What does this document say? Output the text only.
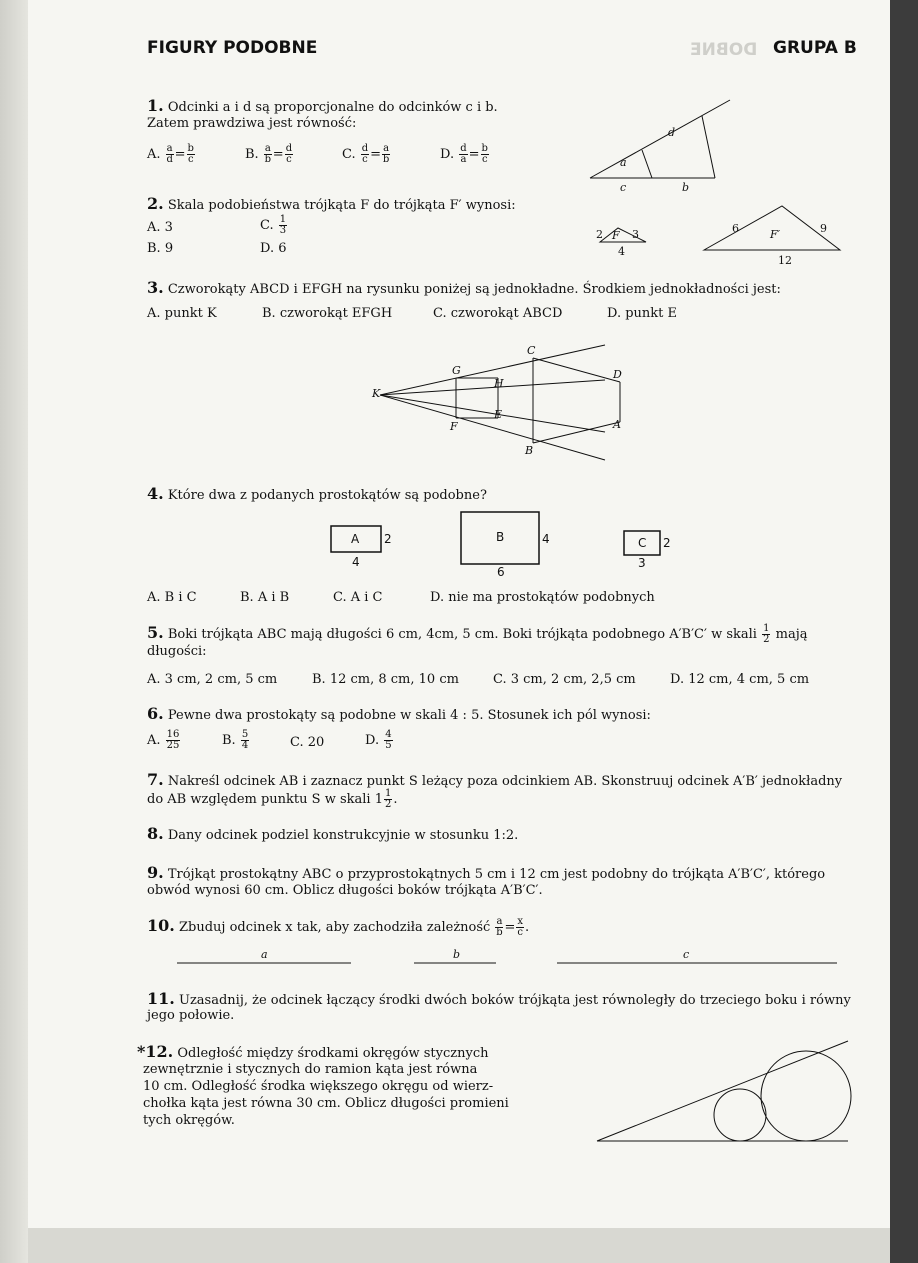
FIGURY PODOBNE	DOBNE GRUPA B
1. Odcinki a i d są proporcjonalne do odcinków c i b.
Zatem prawdziwa jest równość:
A. $\frac{a}{d} = \frac{b}{c}$	B. $\frac{a}{b} = \frac{d}{c}$	C. $\frac{d}{c} = \frac{a}{b}$	D. $\frac{d}{a} = \frac{b}{c}$
d
a
c	b
2. Skala podobieństwa trójkąta F do trójkąta F′ wynosi:
A. 3	C. $\frac{1}{3}$
B. 9	D. 6
2 F 3
4
6	F′	9
12
3. Czworokąty ABCD i EFGH na rysunku poniżej są jednokładne. Środkiem jednokładności jest:
A. punkt K	B. czworokąt EFGH	C. czworokąt ABCD	D. punkt E
K
G
H
E
F
C
D
A
B
4. Które dwa z podanych prostokątów są podobne?
A 2
4
B	4
6
C 2
3
A. B i C	B. A i B	C. A i C	D. nie ma prostokątów podobnych
5. Boki trójkąta ABC mają długości 6 cm, 4cm, 5 cm. Boki trójkąta podobnego A′B′C′ w skali $\frac{1}{2}$ mają
długości:
A. 3 cm, 2 cm, 5 cm	B. 12 cm, 8 cm, 10 cm	C. 3 cm, 2 cm, 2,5 cm	D. 12 cm, 4 cm, 5 cm
6. Pewne dwa prostokąty są podobne w skali 4 : 5. Stosunek ich pól wynosi:
A. $\frac{16}{25}$	B. $\frac{5}{4}$	C. 20	D. $\frac{4}{5}$
7. Nakreśl odcinek AB i zaznacz punkt S leżący poza odcinkiem AB. Skonstruuj odcinek A′B′ jednokładny
do AB względem punktu S w skali $1 \frac{1}{2}$ .
8. Dany odcinek podziel konstrukcyjnie w stosunku 1:2.
9. Trójkąt prostokątny ABC o przyprostokątnych 5 cm i 12 cm jest podobny do trójkąta A′B′C′, którego
obwód wynosi 60 cm. Oblicz długości boków trójkąta A′B′C′.
10. Zbuduj odcinek x tak, aby zachodziła zależność $\frac{a}{b} = \frac{x}{c}$ .
a	b	c
11. Uzasadnij, że odcinek łączący środki dwóch boków trójkąta jest równoległy do trzeciego boku i równy
jego połowie.
*12. Odległość między środkami okręgów stycznych
zewnętrznie i stycznych do ramion kąta jest równa
10 cm. Odległość środka większego okręgu od wierz-
chołka kąta jest równa 30 cm. Oblicz długości promieni
tych okręgów.
